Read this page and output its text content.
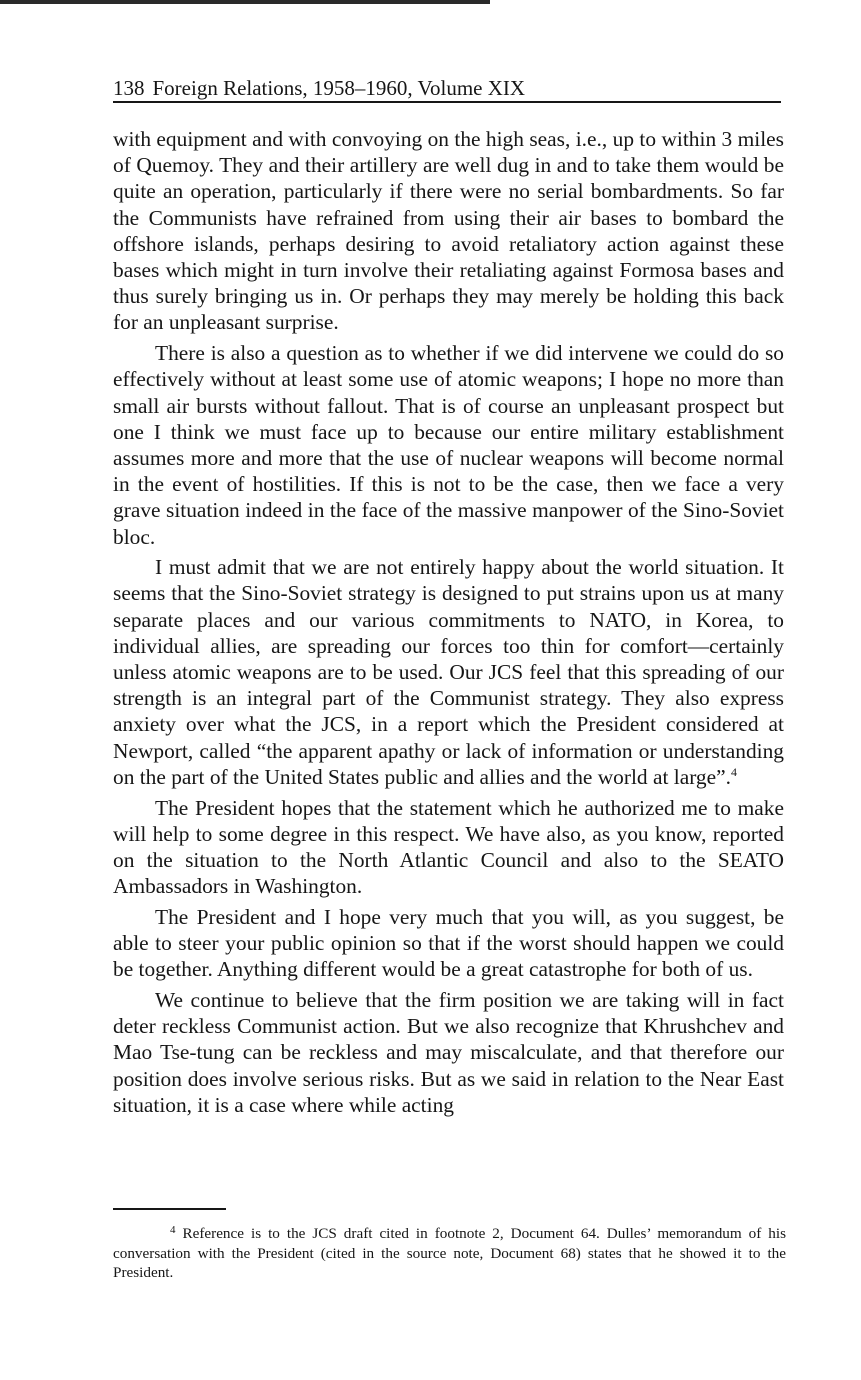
138 Foreign Relations, 1958–1960, Volume XIX

with equipment and with convoying on the high seas, i.e., up to within 3 miles of Quemoy. They and their artillery are well dug in and to take them would be quite an operation, particularly if there were no serial bombardments. So far the Communists have refrained from using their air bases to bombard the offshore islands, perhaps desiring to avoid retaliatory action against these bases which might in turn involve their retaliating against Formosa bases and thus surely bringing us in. Or perhaps they may merely be holding this back for an unpleasant surprise.

There is also a question as to whether if we did intervene we could do so effectively without at least some use of atomic weapons; I hope no more than small air bursts without fallout. That is of course an unpleasant prospect but one I think we must face up to because our entire military establishment assumes more and more that the use of nuclear weapons will become normal in the event of hostilities. If this is not to be the case, then we face a very grave situation indeed in the face of the massive manpower of the Sino-Soviet bloc.

I must admit that we are not entirely happy about the world situation. It seems that the Sino-Soviet strategy is designed to put strains upon us at many separate places and our various commitments to NATO, in Korea, to individual allies, are spreading our forces too thin for comfort—certainly unless atomic weapons are to be used. Our JCS feel that this spreading of our strength is an integral part of the Communist strategy. They also express anxiety over what the JCS, in a report which the President considered at Newport, called “the apparent apathy or lack of information or understanding on the part of the United States public and allies and the world at large”.$^4$

The President hopes that the statement which he authorized me to make will help to some degree in this respect. We have also, as you know, reported on the situation to the North Atlantic Council and also to the SEATO Ambassadors in Washington.

The President and I hope very much that you will, as you suggest, be able to steer your public opinion so that if the worst should happen we could be together. Anything different would be a great catastrophe for both of us.

We continue to believe that the firm position we are taking will in fact deter reckless Communist action. But we also recognize that Khrushchev and Mao Tse-tung can be reckless and may miscalculate, and that therefore our position does involve serious risks. But as we said in relation to the Near East situation, it is a case where while acting

$^4$ Reference is to the JCS draft cited in footnote 2, Document 64. Dulles’ memorandum of his conversation with the President (cited in the source note, Document 68) states that he showed it to the President.
